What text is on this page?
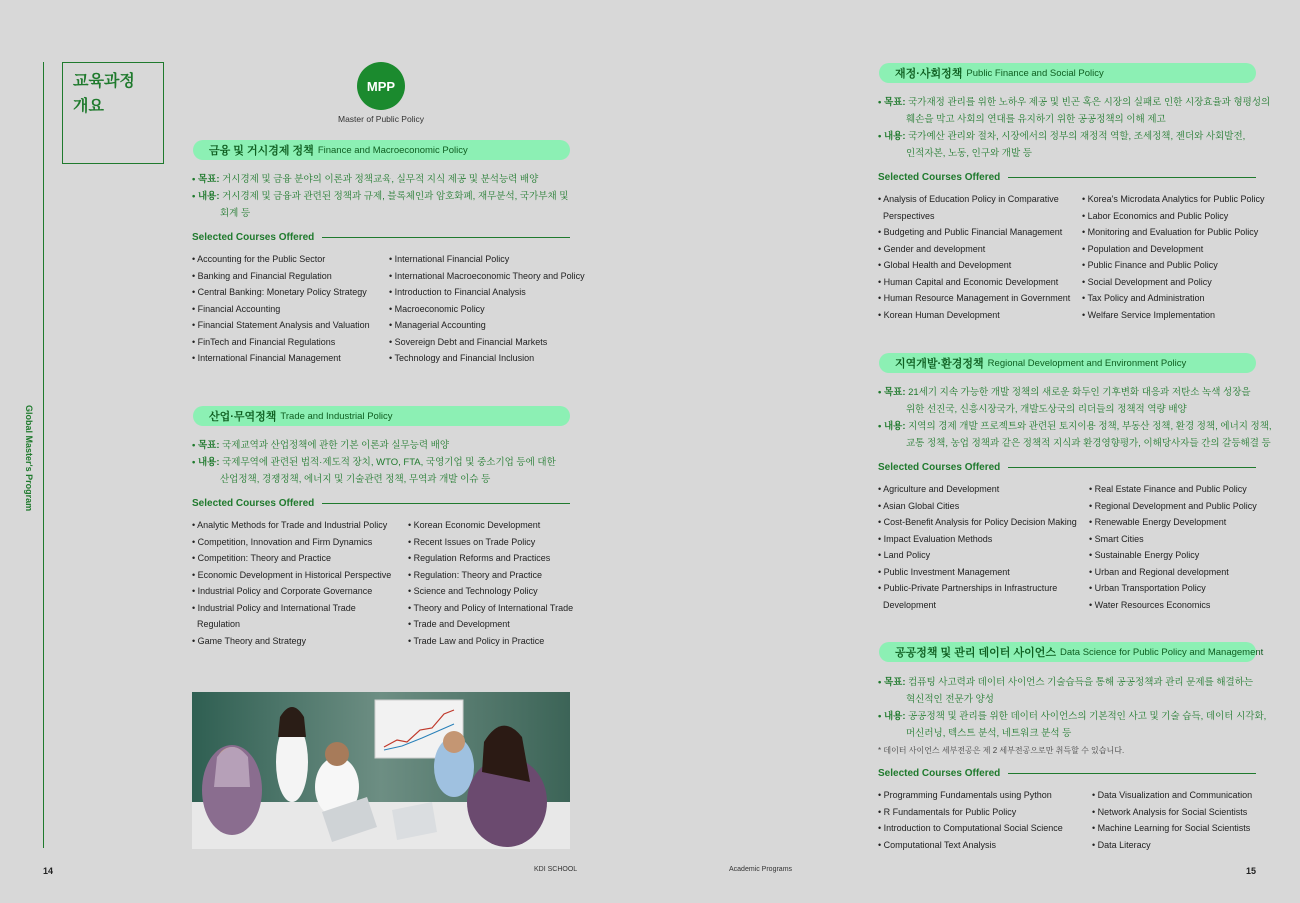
교육과정
개요
Global Master's Program
MPP
Master of Public Policy
금융 및 거시경제 정책 Finance and Macroeconomic Policy
• 목표: 거시경제 및 금융 분야의 이론과 정책교육, 실무적 지식 제공 및 분석능력 배양
• 내용: 거시경제 및 금융과 관련된 정책과 규제, 블록체인과 암호화폐, 재무분석, 국가부채 및
회계 등
Selected Courses Offered
• Accounting for the Public Sector
• Banking and Financial Regulation
• Central Banking: Monetary Policy Strategy
• Financial Accounting
• Financial Statement Analysis and Valuation
• FinTech and Financial Regulations
• International Financial Management
• International Financial Policy
• International Macroeconomic Theory and Policy
• Introduction to Financial Analysis
• Macroeconomic Policy
• Managerial Accounting
• Sovereign Debt and Financial Markets
• Technology and Financial Inclusion
산업·무역정책 Trade and Industrial Policy
• 목표: 국제교역과 산업정책에 관한 기본 이론과 실무능력 배양
• 내용: 국제무역에 관련된 법적·제도적 장치, WTO, FTA, 국영기업 및 중소기업 등에 대한
산업정책, 경쟁정책, 에너지 및 기술관련 정책, 무역과 개발 이슈 등
Selected Courses Offered
• Analytic Methods for Trade and Industrial Policy
• Competition, Innovation and Firm Dynamics
• Competition: Theory and Practice
• Economic Development in Historical Perspective
• Industrial Policy and Corporate Governance
• Industrial Policy and International Trade
Regulation
• Game Theory and Strategy
• Korean Economic Development
• Recent Issues on Trade Policy
• Regulation Reforms and Practices
• Regulation: Theory and Practice
• Science and Technology Policy
• Theory and Policy of International Trade
• Trade and Development
• Trade Law and Policy in Practice
14	KDI SCHOOL
재정·사회정책 Public Finance and Social Policy
• 목표: 국가재정 관리를 위한 노하우 제공 및 빈곤 혹은 시장의 실패로 인한 시장효율과 형평성의
훼손을 막고 사회의 연대를 유지하기 위한 공공정책의 이해 제고
• 내용: 국가예산 관리와 절차, 시장에서의 정부의 재정적 역할, 조세정책, 젠더와 사회발전,
인적자본, 노동, 인구와 개발 등
Selected Courses Offered
• Analysis of Education Policy in Comparative
Perspectives
• Budgeting and Public Financial Management
• Gender and development
• Global Health and Development
• Human Capital and Economic Development
• Human Resource Management in Government
• Korean Human Development
• Korea's Microdata Analytics for Public Policy
• Labor Economics and Public Policy
• Monitoring and Evaluation for Public Policy
• Population and Development
• Public Finance and Public Policy
• Social Development and Policy
• Tax Policy and Administration
• Welfare Service Implementation
지역개발·환경정책 Regional Development and Environment Policy
• 목표: 21세기 지속 가능한 개발 정책의 새로운 화두인 기후변화 대응과 저탄소 녹색 성장을
위한 선진국, 신흥시장국가, 개발도상국의 리더들의 정책적 역량 배양
• 내용: 지역의 경제 개발 프로젝트와 관련된 토지이용 정책, 부동산 정책, 환경 정책, 에너지 정책,
교통 정책, 농업 정책과 같은 정책적 지식과 환경영향평가, 이해당사자들 간의 갈등해결 등
Selected Courses Offered
• Agriculture and Development
• Asian Global Cities
• Cost-Benefit Analysis for Policy Decision Making
• Impact Evaluation Methods
• Land Policy
• Public Investment Management
• Public-Private Partnerships in Infrastructure
Development
• Real Estate Finance and Public Policy
• Regional Development and Public Policy
• Renewable Energy Development
• Smart Cities
• Sustainable Energy Policy
• Urban and Regional development
• Urban Transportation Policy
• Water Resources Economics
공공정책 및 관리 데이터 사이언스 Data Science for Public Policy and Management
• 목표: 컴퓨팅 사고력과 데이터 사이언스 기술습득을 통해 공공정책과 관리 문제를 해결하는
혁신적인 전문가 양성
• 내용: 공공정책 및 관리를 위한 데이터 사이언스의 기본적인 사고 및 기술 습득, 데이터 시각화,
머신러닝, 텍스트 분석, 네트워크 분석 등
* 데이터 사이언스 세부전공은 제 2 세부전공으로만 취득할 수 있습니다.
Selected Courses Offered
• Programming Fundamentals using Python
• R Fundamentals for Public Policy
• Introduction to Computational Social Science
• Computational Text Analysis
• Data Visualization and Communication
• Network Analysis for Social Scientists
• Machine Learning for Social Scientists
• Data Literacy
Academic Programs	15
